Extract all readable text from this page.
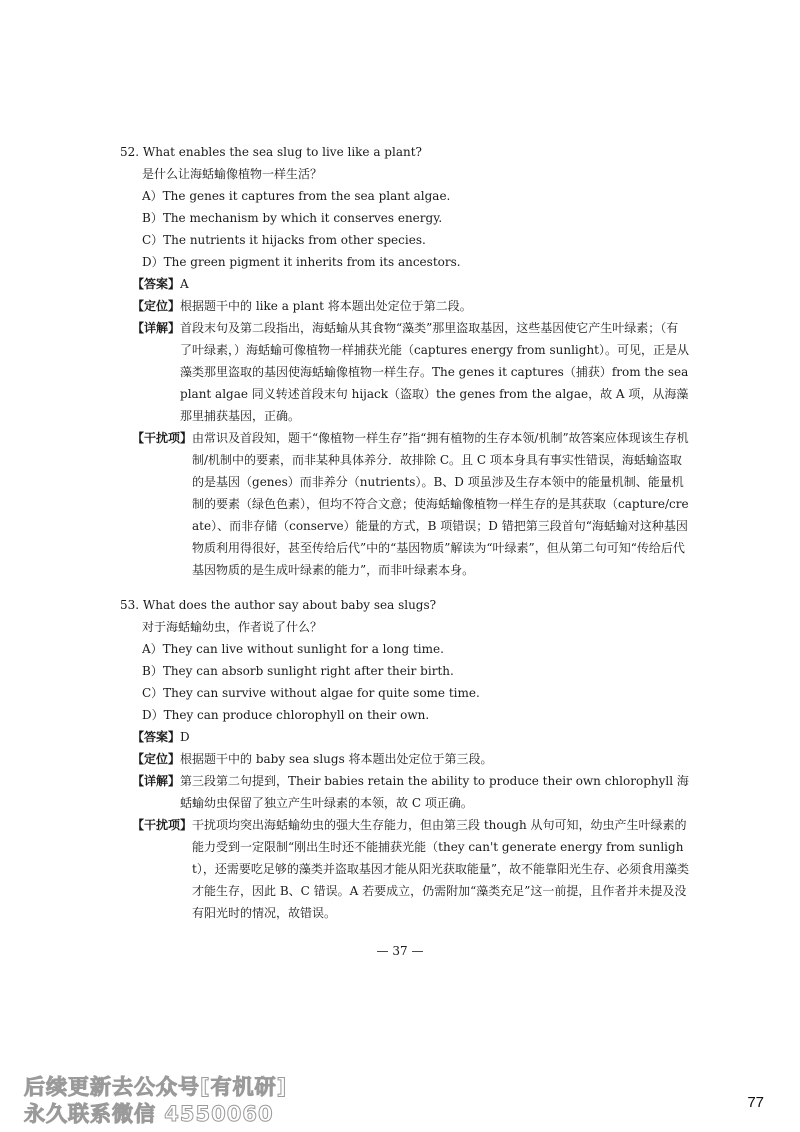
52. What enables the sea slug to live like a plant?
是什么让海蛞蝓像植物一样生活？
A）The genes it captures from the sea plant algae.
B）The mechanism by which it conserves energy.
C）The nutrients it hijacks from other species.
D）The green pigment it inherits from its ancestors.
【答案】 A
【定位】 根据题干中的 like a plant 将本题出处定位于第二段。
【详解】 首段末句及第二段指出，海蛞蝓从其食物“藻类”那里盗取基因，这些基因使它产生叶绿素；（有了叶绿素，）海蛞蝓可像植物一样捕获光能（captures energy from sunlight）。可见，正是从藻类那里盗取的基因使海蛞蝓像植物一样生存。The genes it captures（捕获）from the sea plant algae 同义转述首段末句 hijack（盗取）the genes from the algae，故 A 项，从海藻那里捕获基因，正确。
【干扰项】 由常识及首段知，题干“像植物一样生存”指“拥有植物的生存本领/机制”故答案应体现该生存机制/机制中的要素，而非某种具体养分．故排除 C。且 C 项本身具有事实性错误，海蛞蝓盗取的是基因（genes）而非养分（nutrients）。B、D 项虽涉及生存本领中的能量机制、能量机制的要素（绿色色素），但均不符合文意；使海蛞蝓像植物一样生存的是其获取（capture/create）、而非存储（conserve）能量的方式，B 项错误；D 错把第三段首句“海蛞蝓对这种基因物质利用得很好，甚至传给后代”中的“基因物质”解读为“叶绿素”，但从第二句可知“传给后代基因物质的是生成叶绿素的能力”，而非叶绿素本身。
53. What does the author say about baby sea slugs?
对于海蛞蝓幼虫，作者说了什么？
A）They can live without sunlight for a long time.
B）They can absorb sunlight right after their birth.
C）They can survive without algae for quite some time.
D）They can produce chlorophyll on their own.
【答案】 D
【定位】 根据题干中的 baby sea slugs 将本题出处定位于第三段。
【详解】 第三段第二句提到，Their babies retain the ability to produce their own chlorophyll 海蛞蝓幼虫保留了独立产生叶绿素的本领，故 C 项正确。
【干扰项】 干扰项均突出海蛞蝓幼虫的强大生存能力，但由第三段 though 从句可知，幼虫产生叶绿素的能力受到一定限制“刚出生时还不能捕获光能（they can't generate energy from sunlight），还需要吃足够的藻类并盗取基因才能从阳光获取能量”，故不能靠阳光生存、必须食用藻类才能生存，因此 B、C 错误。A 若要成立，仍需附加“藻类充足”这一前提，且作者并未提及没有阳光时的情况，故错误。
— 37 —
后续更新去公众号[有机研]
永久联系微信 4550060	77
